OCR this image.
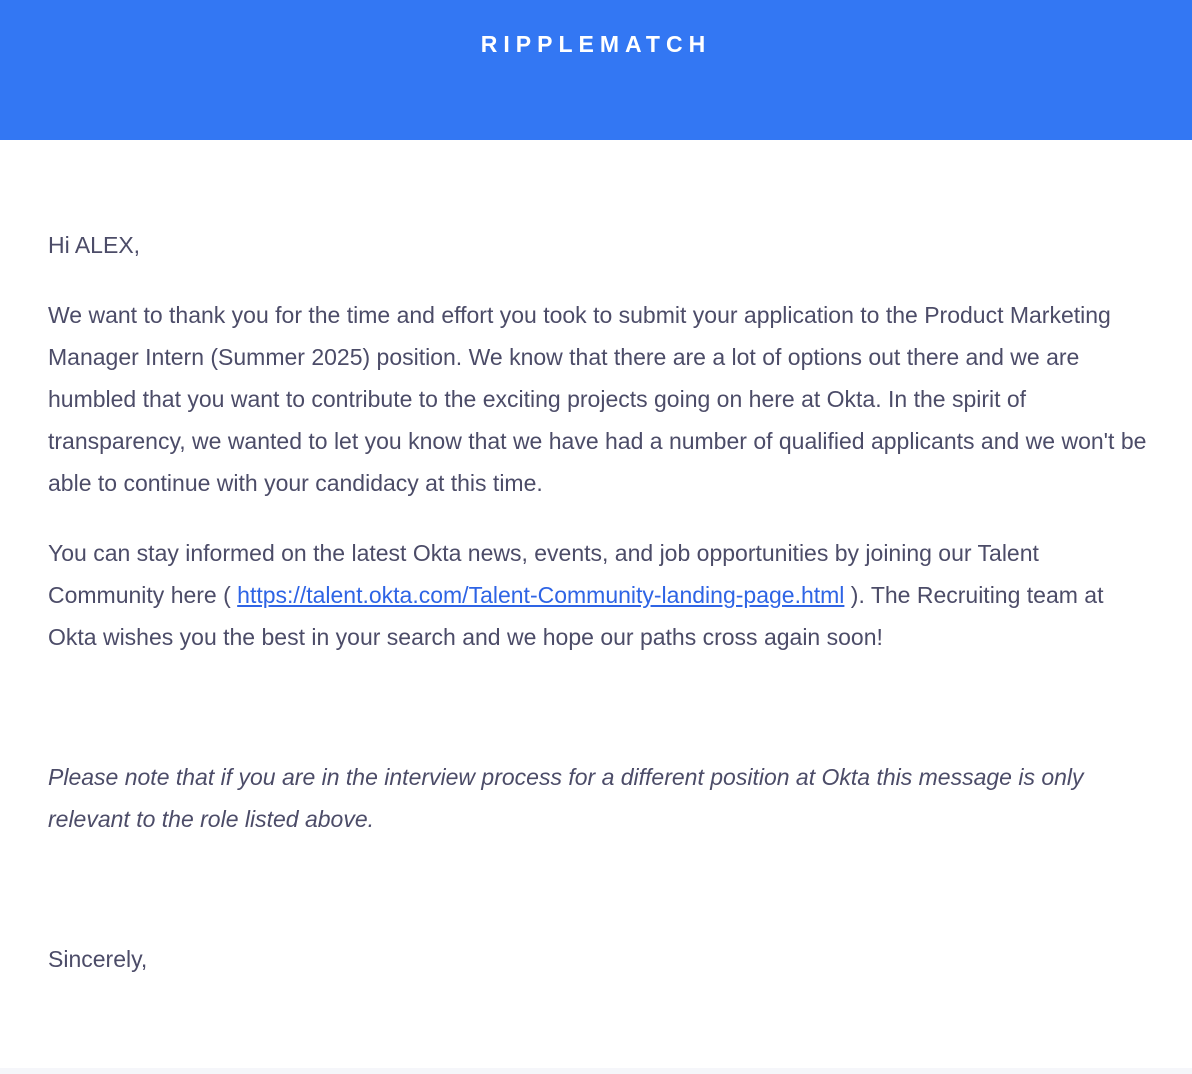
RIPPLEMATCH

Hi ALEX,

We want to thank you for the time and effort you took to submit your application to the Product Marketing Manager Intern (Summer 2025) position. We know that there are a lot of options out there and we are humbled that you want to contribute to the exciting projects going on here at Okta. In the spirit of transparency, we wanted to let you know that we have had a number of qualified applicants and we won't be able to continue with your candidacy at this time.

You can stay informed on the latest Okta news, events, and job opportunities by joining our Talent Community here ( https://talent.okta.com/Talent-Community-landing-page.html ). The Recruiting team at Okta wishes you the best in your search and we hope our paths cross again soon!

Please note that if you are in the interview process for a different position at Okta this message is only relevant to the role listed above.

Sincerely,
